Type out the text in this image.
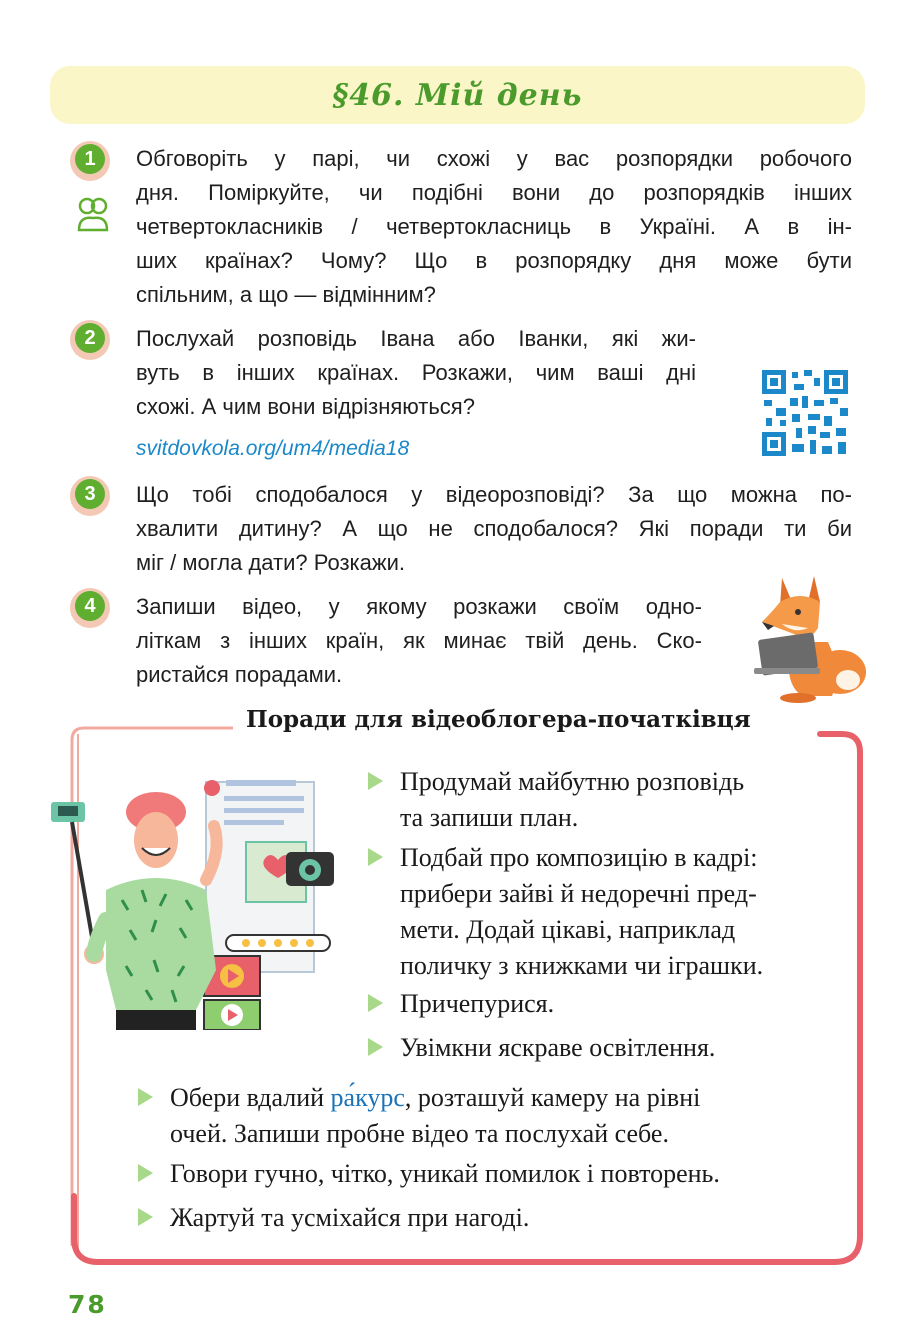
§46. Мій день
1	Обговоріть у парі, чи схожі у вас розпорядки робочого
дня. Поміркуйте, чи подібні вони до розпорядків інших
четвертокласників / четвертокласниць в Україні. А в ін-
ших країнах? Чому? Що в розпорядку дня може бути
спільним, а що — відмінним?
2	Послухай розповідь Івана або Іванки, які жи-
вуть в інших країнах. Розкажи, чим ваші дні
схожі. А чим вони відрізняються?
svitdovkola.org/um4/media18
3	Що тобі сподобалося у відеорозповіді? За що можна по-
хвалити дитину? А що не сподобалося? Які поради ти би
міг / могла дати? Розкажи.
4	Запиши відео, у якому розкажи своїм одно-
літкам з інших країн, як минає твій день. Ско-
ристайся порадами.
Поради для відеоблогера-початківця
Продумай майбутню розповідь
та запиши план.
Подбай про композицію в кадрі:
прибери зайві й недоречні пред-
мети. Додай цікаві, наприклад
поличку з книжками чи іграшки.
Причепурися.
Увімкни яскраве освітлення.
Обери вдалий ра́курс, розташуй камеру на рівні
очей. Запиши пробне відео та послухай себе.
Говори гучно, чітко, уникай помилок і повторень.
Жартуй та усміхайся при нагоді.
78
